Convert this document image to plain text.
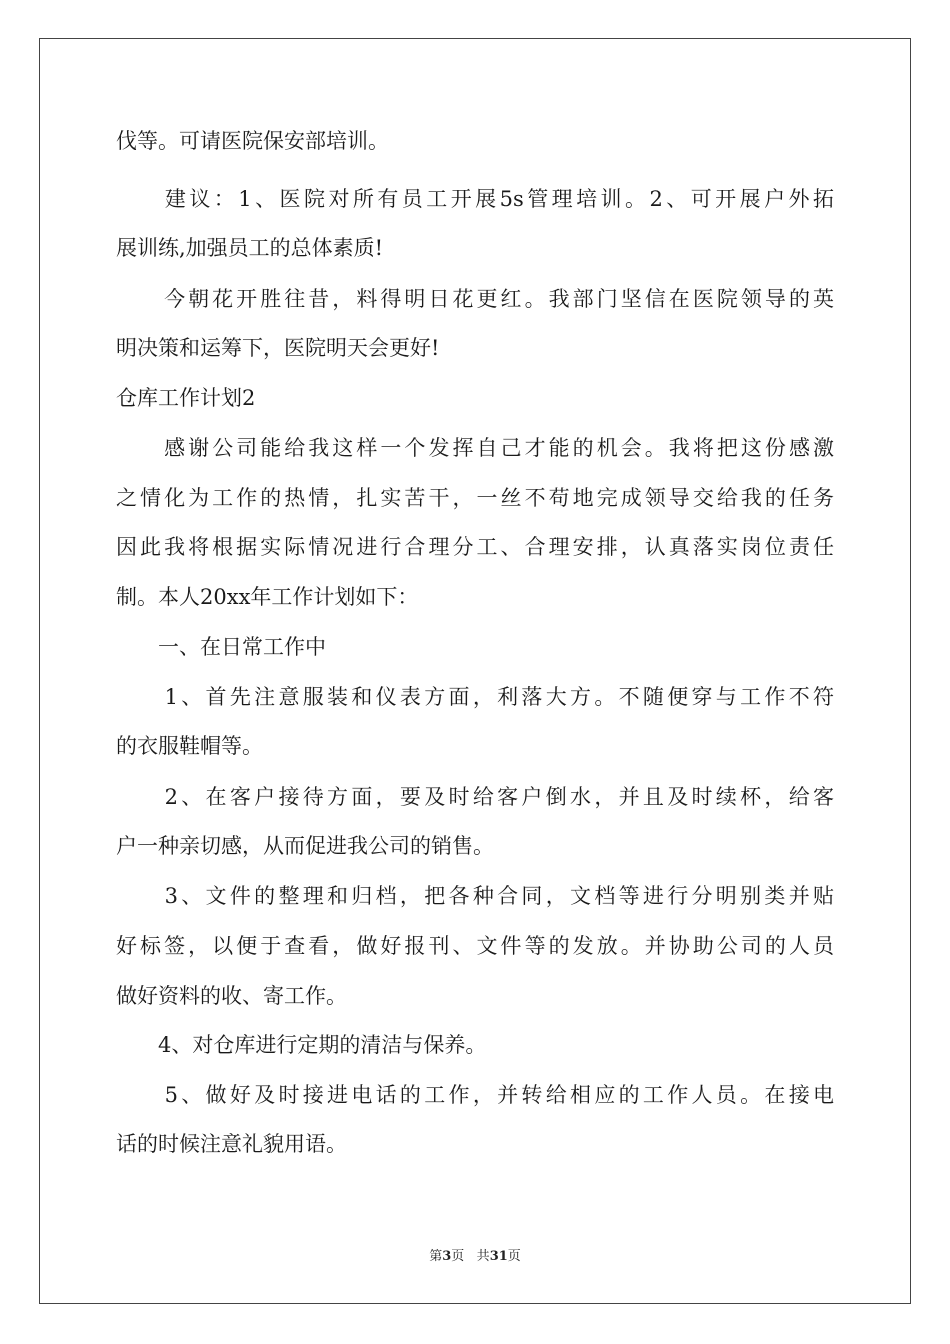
伐等。可请医院保安部培训。
　　建议：1、医院对所有员工开展5s管理培训。2、可开展户外拓
展训练,加强员工的总体素质!
　　今朝花开胜往昔，料得明日花更红。我部门坚信在医院领导的英
明决策和运筹下，医院明天会更好!
仓库工作计划2
　　感谢公司能给我这样一个发挥自己才能的机会。我将把这份感激
之情化为工作的热情，扎实苦干，一丝不苟地完成领导交给我的任务
因此我将根据实际情况进行合理分工、合理安排，认真落实岗位责任
制。本人20xx年工作计划如下：
　　一、在日常工作中
　　1、首先注意服装和仪表方面，利落大方。不随便穿与工作不符
的衣服鞋帽等。
　　2、在客户接待方面，要及时给客户倒水，并且及时续杯，给客
户一种亲切感，从而促进我公司的销售。
　　3、文件的整理和归档，把各种合同，文档等进行分明别类并贴
好标签，以便于查看，做好报刊、文件等的发放。并协助公司的人员
做好资料的收、寄工作。
　　4、对仓库进行定期的清洁与保养。
　　5、做好及时接进电话的工作，并转给相应的工作人员。在接电
话的时候注意礼貌用语。
第3页 共31页
